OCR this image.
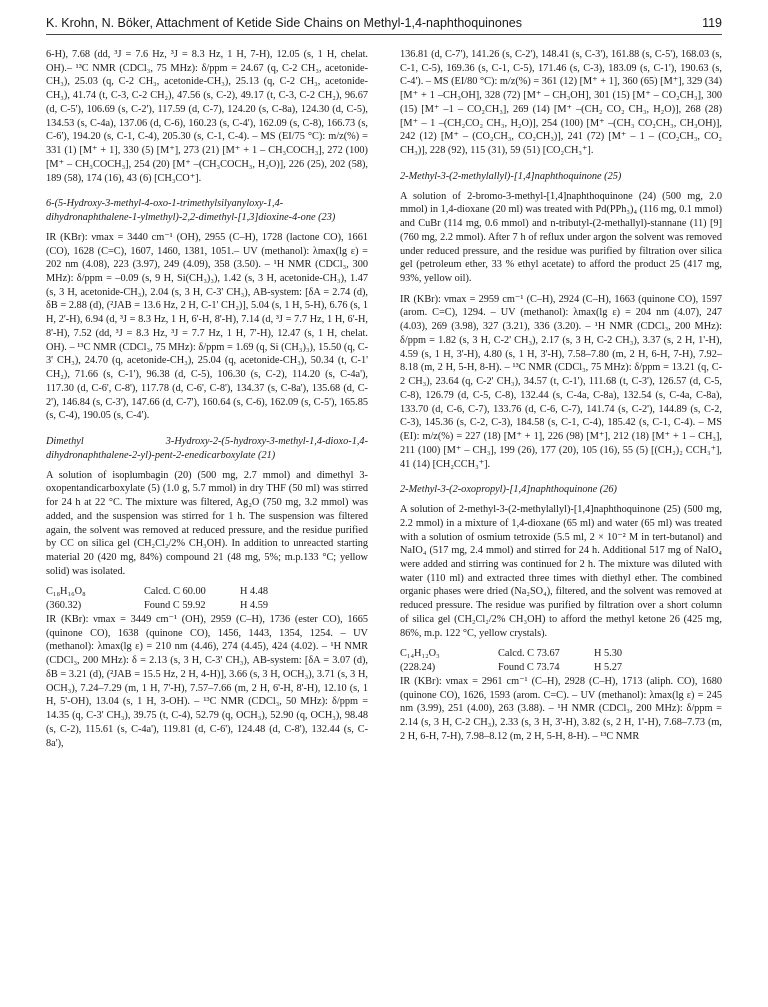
K. Krohn, N. Böker, Attachment of Ketide Side Chains on Methyl-1,4-naphthoquinones	119

6-H), 7.68 (dd, ³J = 7.6 Hz, ³J = 8.3 Hz, 1 H, 7-H), 12.05 (s, 1 H, chelat. OH).– ¹³C NMR (CDCl₃, 75 MHz): δ/ppm = 24.67 (q, C-2 CH₃, acetonide-CH₃), 25.03 (q, C-2 CH₃, acetonide-CH₃), 25.13 (q, C-2 CH₃, acetonide-CH₃), 41.74 (t, C-3, C-2 CH₂), 47.56 (s, C-2), 49.17 (t, C-3, C-2 CH₂), 96.67 (d, C-5'), 106.69 (s, C-2'), 117.59 (d, C-7), 124.20 (s, C-8a), 124.30 (d, C-5), 134.53 (s, C-4a), 137.06 (d, C-6), 160.23 (s, C-4'), 162.09 (s, C-8), 166.73 (s, C-6'), 194.20 (s, C-1, C-4), 205.30 (s, C-1, C-4). – MS (EI/75 °C): m/z(%) = 331 (1) [M⁺ + 1], 330 (5) [M⁺], 273 (21) [M⁺ + 1 – CH₃COCH₃], 272 (100) [M⁺ – CH₃COCH₃], 254 (20) [M⁺ –(CH₃COCH₃, H₂O)], 226 (25), 202 (58), 189 (58), 174 (16), 43 (6) [CH₃CO⁺].

6-(5-Hydroxy-3-methyl-4-oxo-1-trimethylsilyanyloxy-1,4-dihydronaphthalene-1-ylmethyl)-2,2-dimethyl-[1,3]dioxine-4-one (23)

IR (KBr): νmax = 3440 cm⁻¹ (OH), 2955 (C–H), 1728 (lactone CO), 1661 (CO), 1628 (C=C), 1607, 1460, 1381, 1051.– UV (methanol): λmax(lg ε) = 202 nm (4.08), 223 (3.97), 249 (4.09), 358 (3.50). – ¹H NMR (CDCl₃, 300 MHz): δ/ppm = –0.09 (s, 9 H, Si(CH₃)₃), 1.42 (s, 3 H, acetonide-CH₃), 1.47 (s, 3 H, acetonide-CH₃), 2.04 (s, 3 H, C-3' CH₃), AB-system: [δA = 2.74 (d), δB = 2.88 (d), (²JAB = 13.6 Hz, 2 H, C-1' CH₂)], 5.04 (s, 1 H, 5-H), 6.76 (s, 1 H, 2'-H), 6.94 (d, ³J = 8.3 Hz, 1 H, 6'-H, 8'-H), 7.14 (d, ³J = 7.7 Hz, 1 H, 6'-H, 8'-H), 7.52 (dd, ³J = 8.3 Hz, ³J = 7.7 Hz, 1 H, 7'-H), 12.47 (s, 1 H, chelat. OH). – ¹³C NMR (CDCl₃, 75 MHz): δ/ppm = 1.69 (q, Si (CH₃)₃), 15.50 (q, C-3' CH₃), 24.70 (q, acetonide-CH₃), 25.04 (q, acetonide-CH₃), 50.34 (t, C-1' CH₂), 71.66 (s, C-1'), 96.38 (d, C-5), 106.30 (s, C-2), 114.20 (s, C-4a'), 117.30 (d, C-6', C-8'), 117.78 (d, C-6', C-8'), 134.37 (s, C-8a'), 135.68 (d, C-2'), 146.84 (s, C-3'), 147.66 (d, C-7'), 160.64 (s, C-6), 162.09 (s, C-5'), 165.85 (s, C-4), 190.05 (s, C-4').

Dimethyl 3-Hydroxy-2-(5-hydroxy-3-methyl-1,4-dioxo-1,4-dihydronaphthalene-2-yl)-pent-2-enedicarboxylate (21)

A solution of isoplumbagin (20) (500 mg, 2.7 mmol) and dimethyl 3-oxopentandicarboxylate (5) (1.0 g, 5.7 mmol) in dry THF (50 ml) was stirred for 24 h at 22 °C. The mixture was filtered, Ag₂O (750 mg, 3.2 mmol) was added, and the suspension was stirred for 1 h. The suspension was filtered again, the solvent was removed at reduced pressure, and the residue purified by CC on silica gel (CH₂Cl₂/2% CH₃OH). In addition to unreacted starting material 20 (420 mg, 84%) compound 21 (48 mg, 5%; m.p.133 °C; yellow solid) was isolated.

C₁₈H₁₆O₈	Calcd. C 60.00	H 4.48
(360.32)	Found C 59.92	H 4.59

IR (KBr): νmax = 3449 cm⁻¹ (OH), 2959 (C–H), 1736 (ester CO), 1665 (quinone CO), 1638 (quinone CO), 1456, 1443, 1354, 1254. – UV (methanol): λmax(lg ε) = 210 nm (4.46), 274 (4.45), 424 (4.02). – ¹H NMR (CDCl₃, 200 MHz): δ = 2.13 (s, 3 H, C-3' CH₃), AB-system: [δA = 3.07 (d), δB = 3.21 (d), (²JAB = 15.5 Hz, 2 H, 4-H)], 3.66 (s, 3 H, OCH₃), 3.71 (s, 3 H, OCH₃), 7.24–7.29 (m, 1 H, 7'-H), 7.57–7.66 (m, 2 H, 6'-H, 8'-H), 12.10 (s, 1 H, 5'-OH), 13.04 (s, 1 H, 3-OH). – ¹³C NMR (CDCl₃, 50 MHz): δ/ppm = 14.35 (q, C-3' CH₃), 39.75 (t, C-4), 52.79 (q, OCH₃), 52.90 (q, OCH₃), 98.48 (s, C-2), 115.61 (s, C-4a'), 119.81 (d, C-6'), 124.48 (d, C-8'), 132.44 (s, C-8a'),

136.81 (d, C-7'), 141.26 (s, C-2'), 148.41 (s, C-3'), 161.88 (s, C-5'), 168.03 (s, C-1, C-5), 169.36 (s, C-1, C-5), 171.46 (s, C-3), 183.09 (s, C-1'), 190.63 (s, C-4'). – MS (EI/80 °C): m/z(%) = 361 (12) [M⁺ + 1], 360 (65) [M⁺], 329 (34) [M⁺ + 1 –CH₃OH], 328 (72) [M⁺ – CH₃OH], 301 (15) [M⁺ – CO₂CH₃], 300 (15) [M⁺ –1 – CO₂CH₃], 269 (14) [M⁺ –(CH₂ CO₂ CH₃, H₂O)], 268 (28) [M⁺ – 1 –(CH₂CO₂ CH₃, H₂O)], 254 (100) [M⁺ –(CH₃ CO₂CH₃, CH₃OH)], 242 (12) [M⁺ – (CO₂CH₃, CO₂CH₃)], 241 (72) [M⁺ – 1 – (CO₂CH₃, CO₂ CH₃)], 228 (92), 115 (31), 59 (51) [CO₂CH₃⁺].

2-Methyl-3-(2-methylallyl)-[1,4]naphthoquinone (25)

A solution of 2-bromo-3-methyl-[1,4]naphthoquinone (24) (500 mg, 2.0 mmol) in 1,4-dioxane (20 ml) was treated with Pd(PPh₃)₄ (116 mg, 0.1 mmol) and CuBr (114 mg, 0.6 mmol) and n-tributyl-(2-methallyl)-stannane (11) [9] (760 mg, 2.2 mmol). After 7 h of reflux under argon the solvent was removed under reduced pressure, and the residue was purified by filtration over silica gel (petroleum ether, 33 % ethyl acetate) to afford the product 25 (417 mg, 93%, yellow oil).

IR (KBr): νmax = 2959 cm⁻¹ (C–H), 2924 (C–H), 1663 (quinone CO), 1597 (arom. C=C), 1294. – UV (methanol): λmax(lg ε) = 204 nm (4.07), 247 (4.03), 269 (3.98), 327 (3.21), 336 (3.20). – ¹H NMR (CDCl₃, 200 MHz): δ/ppm = 1.82 (s, 3 H, C-2' CH₃), 2.17 (s, 3 H, C-2 CH₃), 3.37 (s, 2 H, 1'-H), 4.59 (s, 1 H, 3'-H), 4.80 (s, 1 H, 3'-H), 7.58–7.80 (m, 2 H, 6-H, 7-H), 7.92–8.18 (m, 2 H, 5-H, 8-H). – ¹³C NMR (CDCl₃, 75 MHz): δ/ppm = 13.21 (q, C-2 CH₃), 23.64 (q, C-2' CH₃), 34.57 (t, C-1'), 111.68 (t, C-3'), 126.57 (d, C-5, C-8), 126.79 (d, C-5, C-8), 132.44 (s, C-4a, C-8a), 132.54 (s, C-4a, C-8a), 133.70 (d, C-6, C-7), 133.76 (d, C-6, C-7), 141.74 (s, C-2'), 144.89 (s, C-2, C-3), 145.36 (s, C-2, C-3), 184.58 (s, C-1, C-4), 185.42 (s, C-1, C-4). – MS (EI): m/z(%) = 227 (18) [M⁺ + 1], 226 (98) [M⁺], 212 (18) [M⁺ + 1 – CH₃], 211 (100) [M⁺ – CH₃], 199 (26), 177 (20), 105 (16), 55 (5) [(CH₂)₂ CCH₃⁺], 41 (14) [CH₂CCH₃⁺].

2-Methyl-3-(2-oxopropyl)-[1,4]naphthoquinone (26)

A solution of 2-methyl-3-(2-methylallyl)-[1,4]naphthoquinone (25) (500 mg, 2.2 mmol) in a mixture of 1,4-dioxane (65 ml) and water (65 ml) was treated with a solution of osmium tetroxide (5.5 ml, 2 × 10⁻² M in tert-butanol) and NaIO₄ (517 mg, 2.4 mmol) and stirred for 24 h. Additional 517 mg of NaIO₄ were added and stirring was continued for 2 h. The mixture was diluted with water (110 ml) and extracted three times with diethyl ether. The combined organic phases were dried (Na₂SO₄), filtered, and the solvent was removed at reduced pressure. The residue was purified by filtration over a short column of silica gel (CH₂Cl₂/2% CH₃OH) to afford the methyl ketone 26 (425 mg, 86%, m.p. 122 °C, yellow crystals).

C₁₄H₁₂O₃	Calcd. C 73.67	H 5.30
(228.24)	Found C 73.74	H 5.27

IR (KBr): νmax = 2961 cm⁻¹ (C–H), 2928 (C–H), 1713 (aliph. CO), 1680 (quinone CO), 1626, 1593 (arom. C=C). – UV (methanol): λmax(lg ε) = 245 nm (3.99), 251 (4.00), 263 (3.88). – ¹H NMR (CDCl₃, 200 MHz): δ/ppm = 2.14 (s, 3 H, C-2 CH₃), 2.33 (s, 3 H, 3'-H), 3.82 (s, 2 H, 1'-H), 7.68–7.73 (m, 2 H, 6-H, 7-H), 7.98–8.12 (m, 2 H, 5-H, 8-H). – ¹³C NMR
